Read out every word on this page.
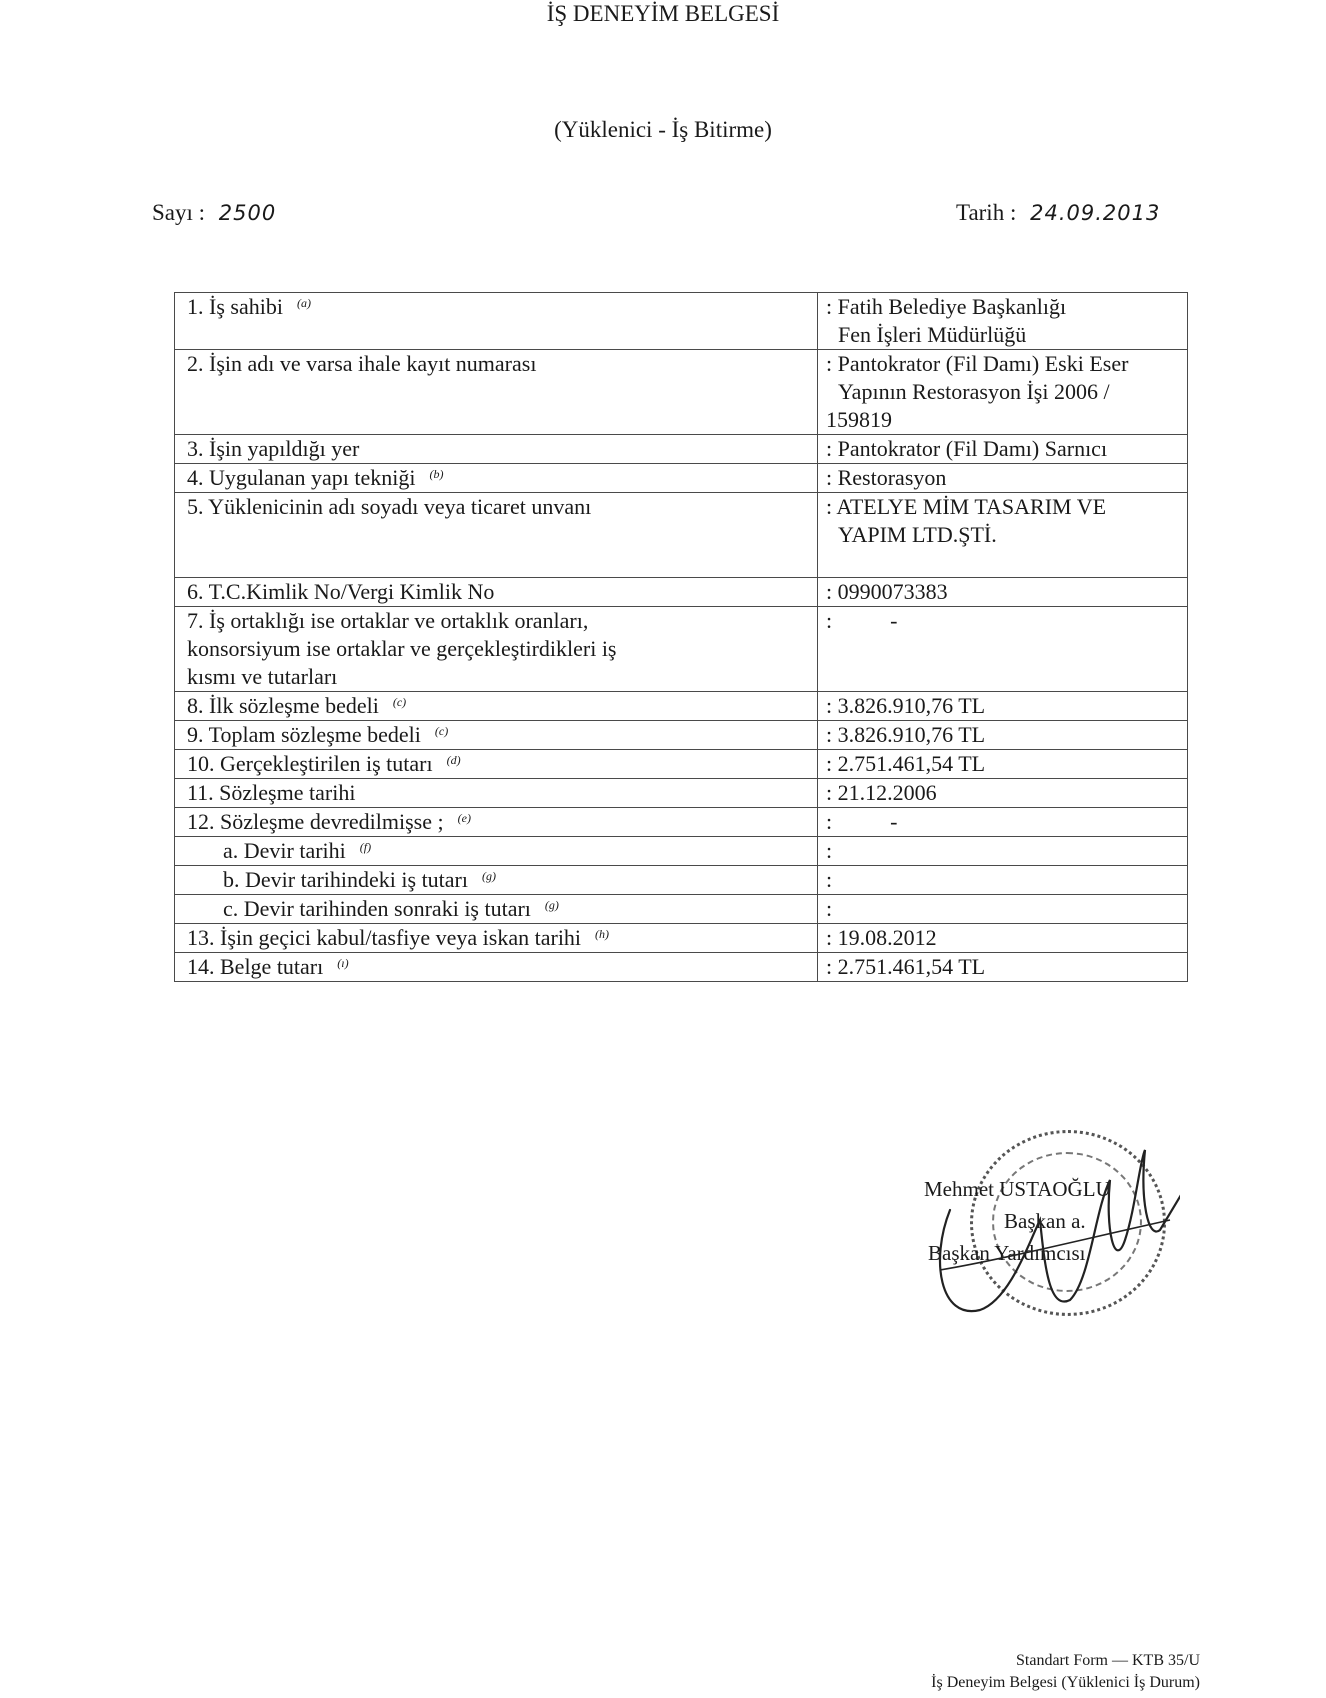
İŞ DENEYİM BELGESİ
(Yüklenici - İş Bitirme)
Sayı : 2500	Tarih : 24.09.2013
1. İş sahibi $^{(a)}$	: Fatih Belediye Başkanlığı
Fen İşleri Müdürlüğü

2. İşin adı ve varsa ihale kayıt numarası	: Pantokrator (Fil Damı) Eski Eser
Yapının Restorasyon İşi 2006 /
159819

3. İşin yapıldığı yer	: Pantokrator (Fil Damı) Sarnıcı
4. Uygulanan yapı tekniği $^{(b)}$	: Restorasyon
5. Yüklenicinin adı soyadı veya ticaret unvanı	: ATELYE MİM TASARIM VE
YAPIM LTD.ŞTİ.

6. T.C.Kimlik No/Vergi Kimlik No	: 0990073383

7. İş ortaklığı ise ortaklar ve ortaklık oranları,
konsorsiyum ise ortaklar ve gerçekleştirdikleri iş
kısmı ve tutarları	: -
8. İlk sözleşme bedeli $^{(c)}$	: 3.826.910,76 TL
9. Toplam sözleşme bedeli $^{(c)}$	: 3.826.910,76 TL
10. Gerçekleştirilen iş tutarı $^{(d)}$	: 2.751.461,54 TL
11. Sözleşme tarihi	: 21.12.2006
12. Sözleşme devredilmişse ; $^{(e)}$	: -
a. Devir tarihi $^{(f)}$	:
b. Devir tarihindeki iş tutarı $^{(g)}$	:
c. Devir tarihinden sonraki iş tutarı $^{(g)}$	:
13. İşin geçici kabul/tasfiye veya iskan tarihi $^{(h)}$	: 19.08.2012
14. Belge tutarı $^{(ı)}$	: 2.751.461,54 TL
Mehmet USTAOĞLU
Başkan a.
Başkan Yardımcısı
Standart Form — KTB 35/U
İş Deneyim Belgesi (Yüklenici İş Durum)
